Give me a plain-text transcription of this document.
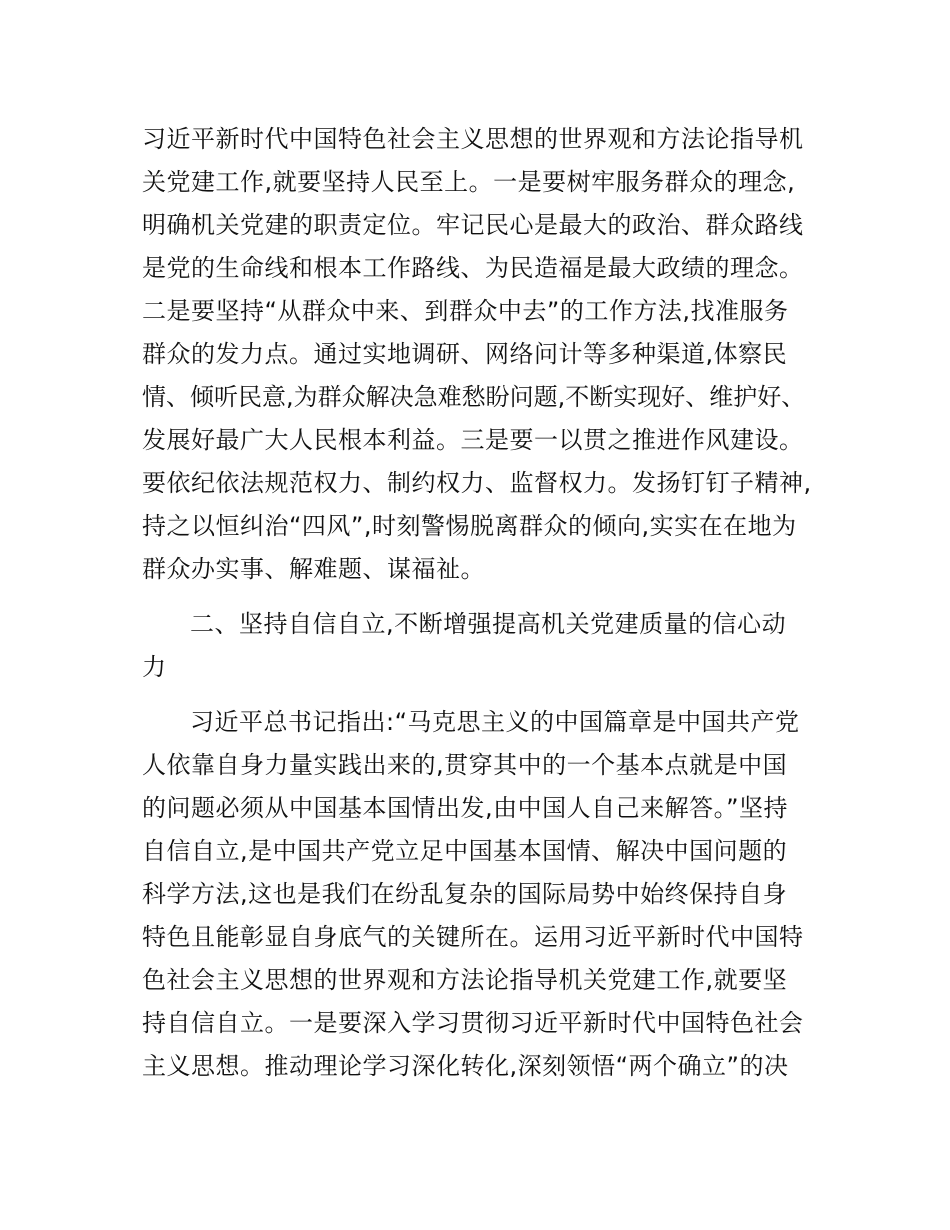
习近平新时代中国特色社会主义思想的世界观和方法论指导机
关党建工作,就要坚持人民至上。一是要树牢服务群众的理念,
明确机关党建的职责定位。牢记民心是最大的政治、群众路线
是党的生命线和根本工作路线、为民造福是最大政绩的理念。
二是要坚持“从群众中来、到群众中去”的工作方法,找准服务
群众的发力点。通过实地调研、网络问计等多种渠道,体察民
情、倾听民意,为群众解决急难愁盼问题,不断实现好、维护好、
发展好最广大人民根本利益。三是要一以贯之推进作风建设。
要依纪依法规范权力、制约权力、监督权力。发扬钉钉子精神,
持之以恒纠治“四风”,时刻警惕脱离群众的倾向,实实在在地为
群众办实事、解难题、谋福祉。
二、坚持自信自立,不断增强提高机关党建质量的信心动
力
习近平总书记指出:“马克思主义的中国篇章是中国共产党
人依靠自身力量实践出来的,贯穿其中的一个基本点就是中国
的问题必须从中国基本国情出发,由中国人自己来解答。”坚持
自信自立,是中国共产党立足中国基本国情、解决中国问题的
科学方法,这也是我们在纷乱复杂的国际局势中始终保持自身
特色且能彰显自身底气的关键所在。运用习近平新时代中国特
色社会主义思想的世界观和方法论指导机关党建工作,就要坚
持自信自立。一是要深入学习贯彻习近平新时代中国特色社会
主义思想。推动理论学习深化转化,深刻领悟“两个确立”的决
